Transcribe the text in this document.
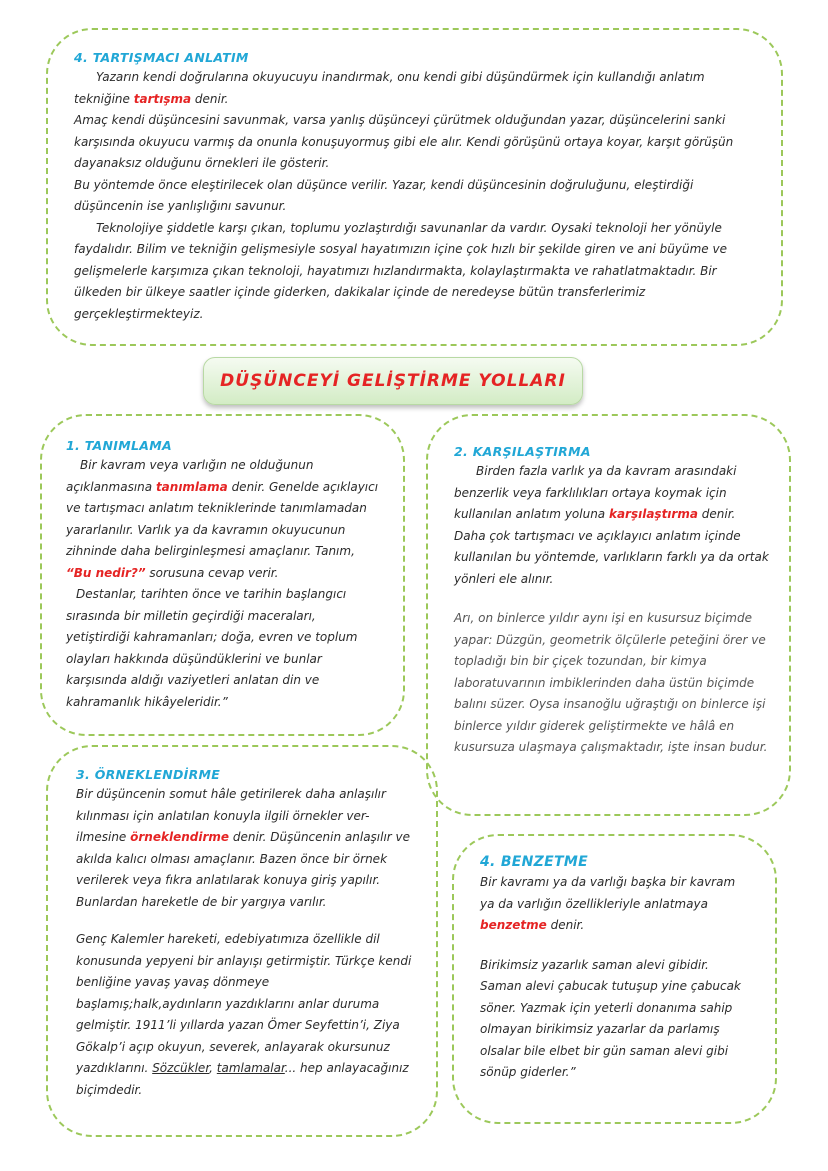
4. TARTIŞMACI ANLATIM

Yazarın kendi doğrularına okuyucuyu inandırmak, onu kendi gibi düşündürmek için kullandığı anlatım tekniğine tartışma denir.

Amaç kendi düşüncesini savunmak, varsa yanlış düşünceyi çürütmek olduğundan yazar, düşüncelerini sanki karşısında okuyucu varmış da onunla konuşuyormuş gibi ele alır. Kendi görüşünü ortaya koyar, karşıt görüşün dayanaksız olduğunu örnekleri ile gösterir.

Bu yöntemde önce eleştirilecek olan düşünce verilir. Yazar, kendi düşüncesinin doğruluğunu, eleştirdiği düşüncenin ise yanlışlığını savunur.

Teknolojiye şiddetle karşı çıkan, toplumu yozlaştırdığı savunanlar da vardır. Oysaki teknoloji her yönüyle faydalıdır. Bilim ve tekniğin gelişmesiyle sosyal hayatımızın içine çok hızlı bir şekilde giren ve ani büyüme ve gelişmelerle karşımıza çıkan teknoloji, hayatımızı hızlandırmakta, kolaylaştırmakta ve rahatlatmaktadır. Bir ülkeden bir ülkeye saatler içinde giderken, dakikalar içinde de neredeyse bütün transferlerimiz gerçekleştirmekteyiz.

DÜŞÜNCEYİ GELİŞTİRME YOLLARI
1. TANIMLAMA

Bir kavram veya varlığın ne olduğunun açıklanmasına tanımlama denir. Genelde açıklayıcı ve tartışmacı anlatım tekniklerinde tanımlamadan yararlanılır. Varlık ya da kavramın okuyucunun zihninde daha belirginleşmesi amaçlanır. Tanım, “Bu nedir?” sorusuna cevap verir.

Destanlar, tarihten önce ve tarihin başlangıcı sırasında bir milletin geçirdiği maceraları, yetiştirdiği kahramanları; doğa, evren ve toplum olayları hakkında düşündüklerini ve bunlar karşısında aldığı vaziyetleri anlatan din ve kahramanlık hikâyeleridir.”

2. KARŞILAŞTIRMA

Birden fazla varlık ya da kavram arasındaki benzerlik veya farklılıkları ortaya koymak için kullanılan anlatım yoluna karşılaştırma denir. Daha çok tartışmacı ve açıklayıcı anlatım içinde kullanılan bu yöntemde, varlıkların farklı ya da ortak yönleri ele alınır.

Arı, on binlerce yıldır aynı işi en kusursuz biçimde yapar: Düzgün, geometrik ölçülerle peteğini örer ve topladığı bin bir çiçek tozundan, bir kimya laboratuvarının imbiklerinden daha üstün biçimde balını süzer. Oysa insanoğlu uğraştığı on binlerce işi binlerce yıldır giderek geliştirmekte ve hâlâ en kusursuza ulaşmaya çalışmaktadır, işte insan budur.

3. ÖRNEKLENDİRME

Bir düşüncenin somut hâle getirilerek daha anlaşılır kılınması için anlatılan konuyla ilgili örnekler ver-ilmesine örneklendirme denir. Düşüncenin anlaşılır ve akılda kalıcı olması amaçlanır. Bazen önce bir örnek verilerek veya fıkra anlatılarak konuya giriş yapılır. Bunlardan hareketle de bir yargıya varılır.

Genç Kalemler hareketi, edebiyatımıza özellikle dil konusunda yepyeni bir anlayışı getirmiştir. Türkçe kendi benliğine yavaş yavaş dönmeye başlamış;halk,aydınların yazdıklarını anlar duruma gelmiştir. 1911’li yıllarda yazan Ömer Seyfettin’i, Ziya Gökalp’i açıp okuyun, severek, anlayarak okursunuz yazdıklarını. Sözcükler, tamlamalar... hep anlayacağınız biçimdedir.

4. BENZETME

Bir kavramı ya da varlığı başka bir kavram ya da varlığın özellikleriyle anlatmaya benzetme denir.

Birikimsiz yazarlık saman alevi gibidir. Saman alevi çabucak tutuşup yine çabucak söner. Yazmak için yeterli donanıma sahip olmayan birikimsiz yazarlar da parlamış olsalar bile elbet bir gün saman alevi gibi sönüp giderler.”
